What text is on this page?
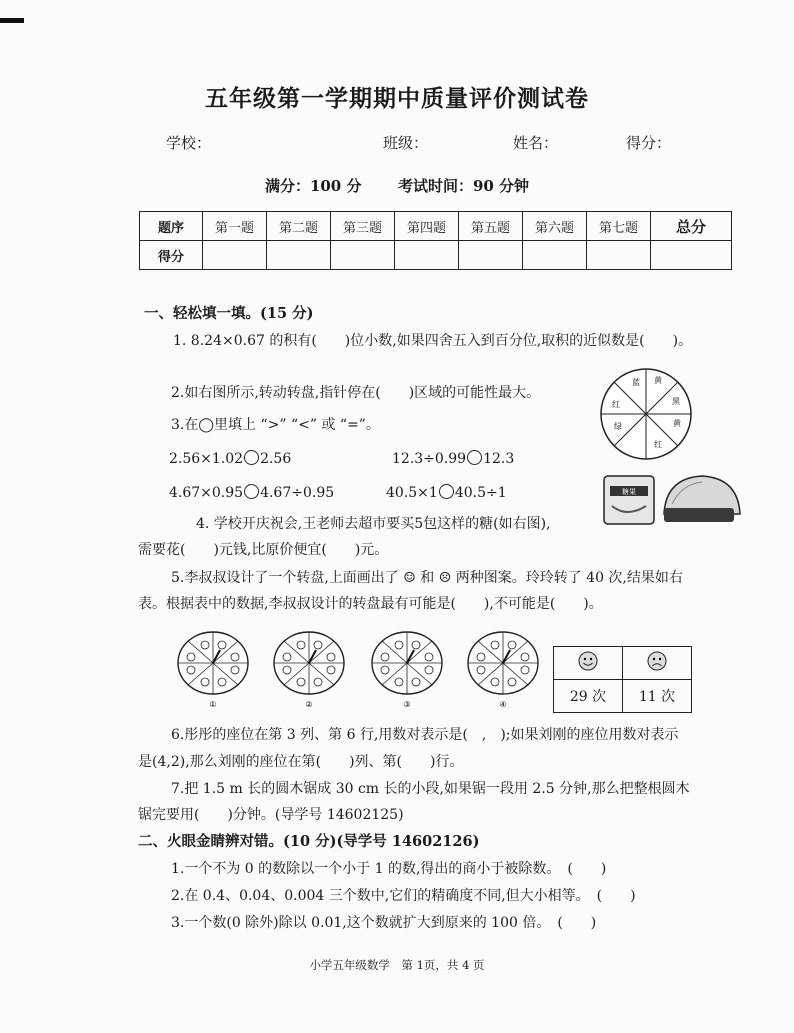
五年级第一学期期中质量评价测试卷
学校：	班级：	姓名：	得分：
满分：100 分 考试时间：90 分钟
题序	第一题	第二题	第三题	第四题	第五题	第六题	第七题	总分
得分								
一、轻松填一填。(15 分)
1. 8.24×0.67 的积有(　　)位小数,如果四舍五入到百分位,取积的近似数是(　　)。
2.如右图所示,转动转盘,指针停在(　　)区域的可能性最大。
3.在◯里填上 “>” “<” 或 “=”。
2.56×1.02 2.56	12.3÷0.99 12.3
4.67×0.95 4.67÷0.95	40.5×1 40.5÷1
蓝 黄
红	黑
绿	黄
红
糖果
4. 学校开庆祝会,王老师去超市要买5包这样的糖(如右图),
需要花(　　)元钱,比原价便宜(　　)元。
5.李叔叔设计了一个转盘,上面画出了 ☺ 和 ☹ 两种图案。玲玲转了 40 次,结果如右
表。根据表中的数据,李叔叔设计的转盘最有可能是(　　),不可能是(　　)。
①	②	③	④
		29 次	11 次
6.彤彤的座位在第 3 列、第 6 行,用数对表示是(　,　);如果刘刚的座位用数对表示
是(4,2),那么刘刚的座位在第(　　)列、第(　　)行。
7.把 1.5 m 长的圆木锯成 30 cm 长的小段,如果锯一段用 2.5 分钟,那么把整根圆木
锯完要用(　　)分钟。(导学号 14602125)
二、火眼金睛辨对错。(10 分)(导学号 14602126)
1.一个不为 0 的数除以一个小于 1 的数,得出的商小于被除数。　(　　)
2.在 0.4、0.04、0.004 三个数中,它们的精确度不同,但大小相等。　(　　)
3.一个数(0 除外)除以 0.01,这个数就扩大到原来的 100 倍。　(　　)
小学五年级数学　第 1页，共 4 页
